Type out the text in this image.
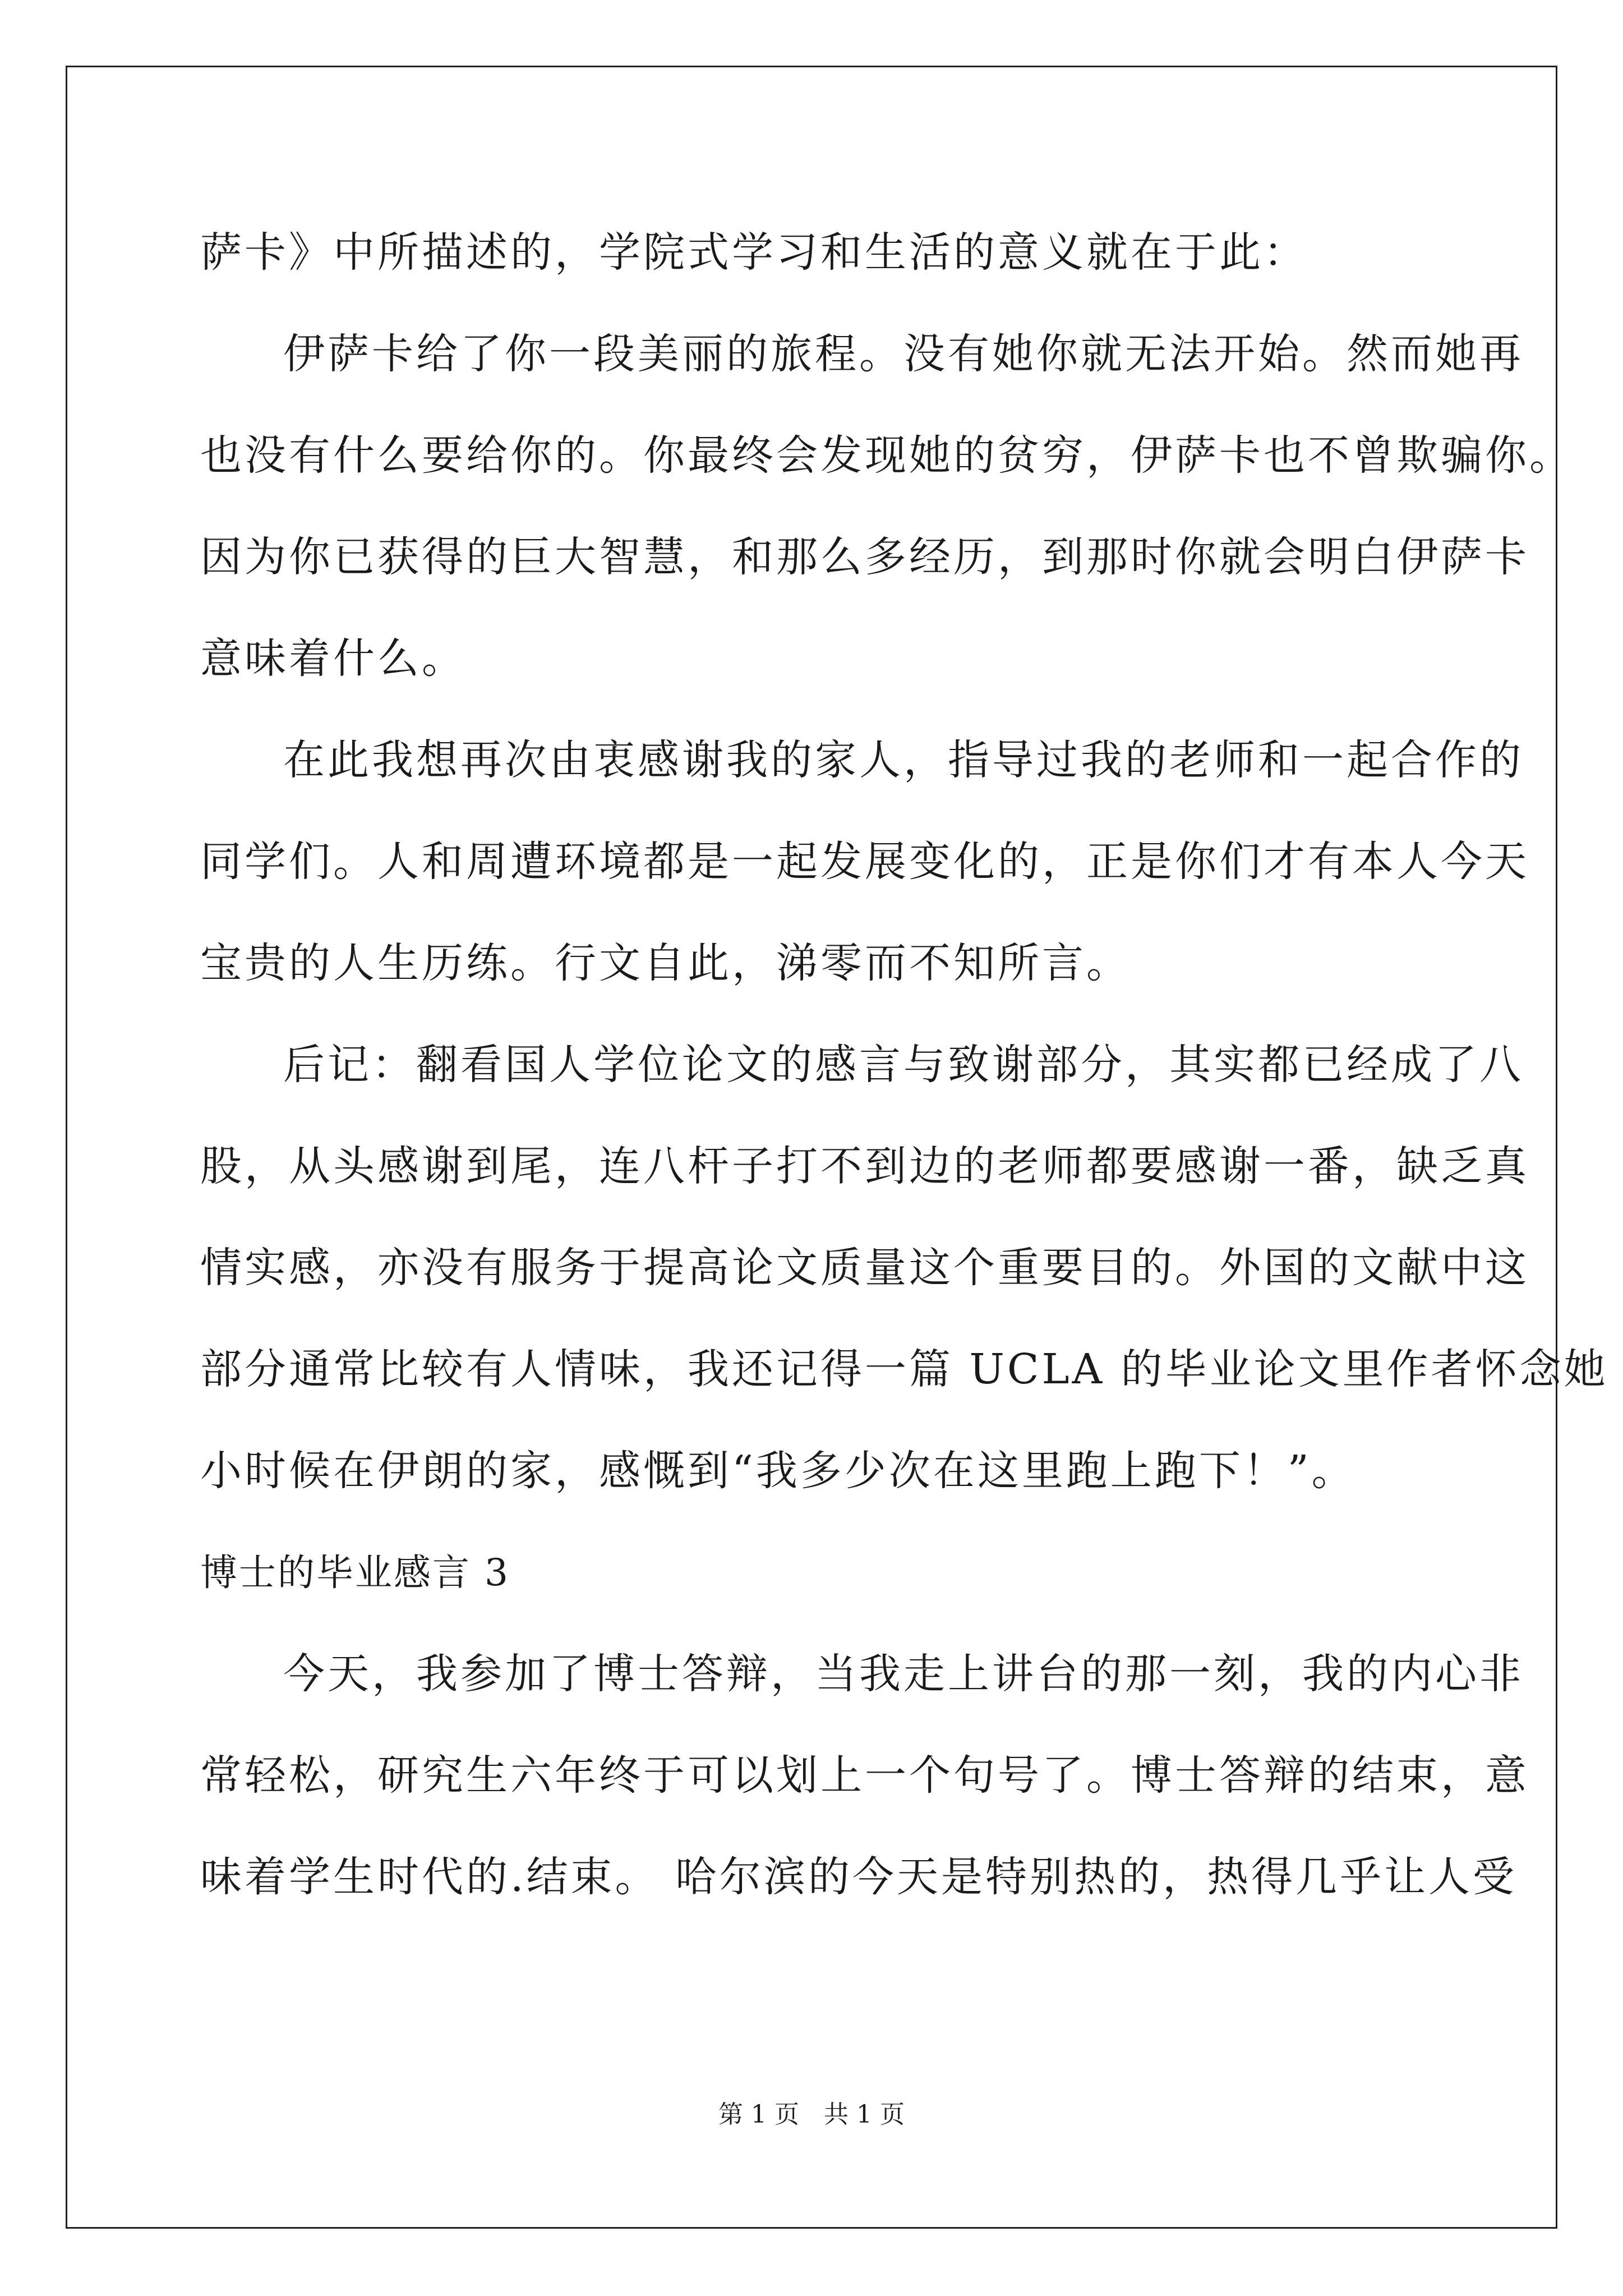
萨卡》中所描述的，学院式学习和生活的意义就在于此：
伊萨卡给了你一段美丽的旅程。没有她你就无法开始。然而她再
也没有什么要给你的。你最终会发现她的贫穷，伊萨卡也不曾欺骗你。
因为你已获得的巨大智慧，和那么多经历，到那时你就会明白伊萨卡
意味着什么。
在此我想再次由衷感谢我的家人，指导过我的老师和一起合作的
同学们。人和周遭环境都是一起发展变化的，正是你们才有本人今天
宝贵的人生历练。行文自此，涕零而不知所言。
后记：翻看国人学位论文的感言与致谢部分，其实都已经成了八
股，从头感谢到尾，连八杆子打不到边的老师都要感谢一番，缺乏真
情实感，亦没有服务于提高论文质量这个重要目的。外国的文献中这
部分通常比较有人情味，我还记得一篇 UCLA 的毕业论文里作者怀念她
小时候在伊朗的家，感慨到“我多少次在这里跑上跑下！”。
博士的毕业感言 3
今天，我参加了博士答辩，当我走上讲台的那一刻，我的内心非
常轻松，研究生六年终于可以划上一个句号了。博士答辩的结束，意
味着学生时代的.结束。 哈尔滨的今天是特别热的，热得几乎让人受
第 1 页 共 1 页
